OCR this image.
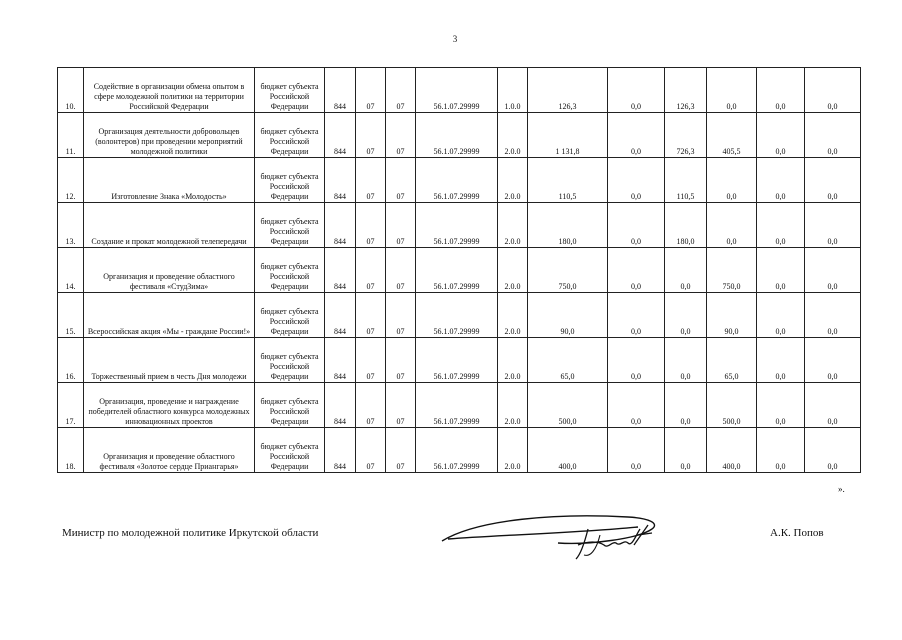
3
10.	Содействие в организации обмена опытом в сфере молодежной политики на территории Российской Федерации	бюджет субъекта Российской Федерации	844	07	07	56.1.07.29999	1.0.0	126,3	0,0	126,3	0,0	0,0	0,0
11.	Организация деятельности добровольцев (волонтеров) при проведении мероприятий молодежной политики	бюджет субъекта Российской Федерации	844	07	07	56.1.07.29999	2.0.0	1 131,8	0,0	726,3	405,5	0,0	0,0
12.	Изготовление Знака «Молодость»	бюджет субъекта Российской Федерации	844	07	07	56.1.07.29999	2.0.0	110,5	0,0	110,5	0,0	0,0	0,0
13.	Создание и прокат молодежной телепередачи	бюджет субъекта Российской Федерации	844	07	07	56.1.07.29999	2.0.0	180,0	0,0	180,0	0,0	0,0	0,0
14.	Организация и проведение областного фестиваля «СтудЗима»	бюджет субъекта Российской Федерации	844	07	07	56.1.07.29999	2.0.0	750,0	0,0	0,0	750,0	0,0	0,0
15.	Всероссийская акция «Мы - граждане России!»	бюджет субъекта Российской Федерации	844	07	07	56.1.07.29999	2.0.0	90,0	0,0	0,0	90,0	0,0	0,0
16.	Торжественный прием в честь Дня молодежи	бюджет субъекта Российской Федерации	844	07	07	56.1.07.29999	2.0.0	65,0	0,0	0,0	65,0	0,0	0,0
17.	Организация, проведение и награждение победителей областного конкурса молодежных инновационных проектов	бюджет субъекта Российской Федерации	844	07	07	56.1.07.29999	2.0.0	500,0	0,0	0,0	500,0	0,0	0,0
18.	Организация и проведение областного фестиваля «Золотое сердце Приангарья»	бюджет субъекта Российской Федерации	844	07	07	56.1.07.29999	2.0.0	400,0	0,0	0,0	400,0	0,0	0,0
».
Министр по молодежной политике Иркутской области	А.К. Попов
